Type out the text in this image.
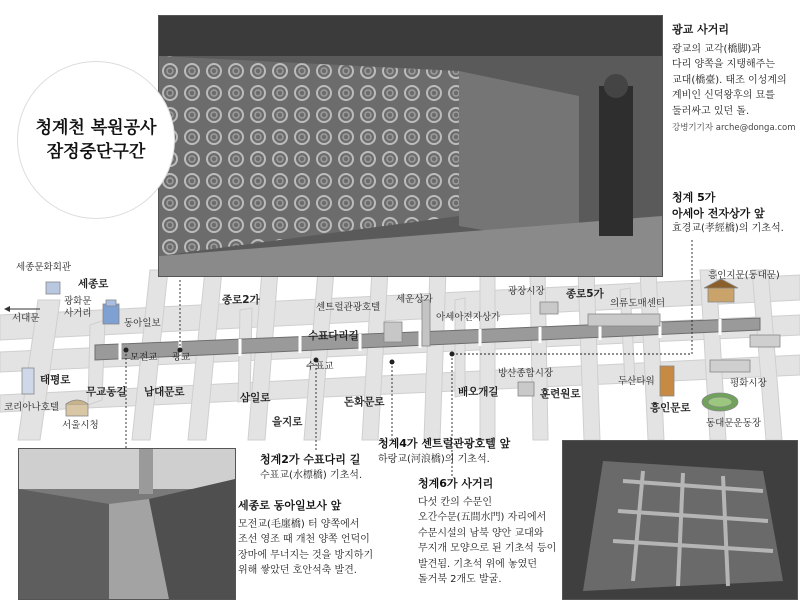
청계천 복원공사
잠정중단구간
광교 사거리
광교의 교각(橋脚)과
다리 양쪽을 지탱해주는
교대(橋臺). 태조 이성계의
계비인 신덕왕후의 묘를
둘러싸고 있던 돌.
강병기기자 arche@donga.com
청계 5가
아세아 전자상가 앞
효경교(孝經橋)의 기초석.
세종로 동아일보사 앞
모전교(毛廛橋) 터 양쪽에서
조선 영조 때 개천 양쪽 언덕이
장마에 무너지는 것을 방지하기
위해 쌓았던 호안석축 발견.
청계2가 수표다리 길
수표교(水標橋) 기초석.
청계4가 센트럴관광호텔 앞
하랑교(河浪橋)의 기초석.
청계6가 사거리
다섯 칸의 수문인
오간수문(五間水門) 자리에서
수문시설의 남북 양안 교대와
무지개 모양으로 된 기초석 등이
발견됨. 기초석 위에 놓였던
돌거북 2개도 발굴.
세종문화회관
세종로
광화문
사거리
서대문	동아일보
모전교 광교
태평로
코리아나호텔
무교동길
서울시청
남대문로
종로2가
센트럴관광호텔
세운상가
광장시장 종로5가
의류도매센터
흥인지문(동대문)
수표다리길
수표교
아세아전자상가
삼일로
을지로
돈화문로
배오개길
방산종합시장
훈련원로
두산타워
흥인문로
평화시장
동대문운동장
